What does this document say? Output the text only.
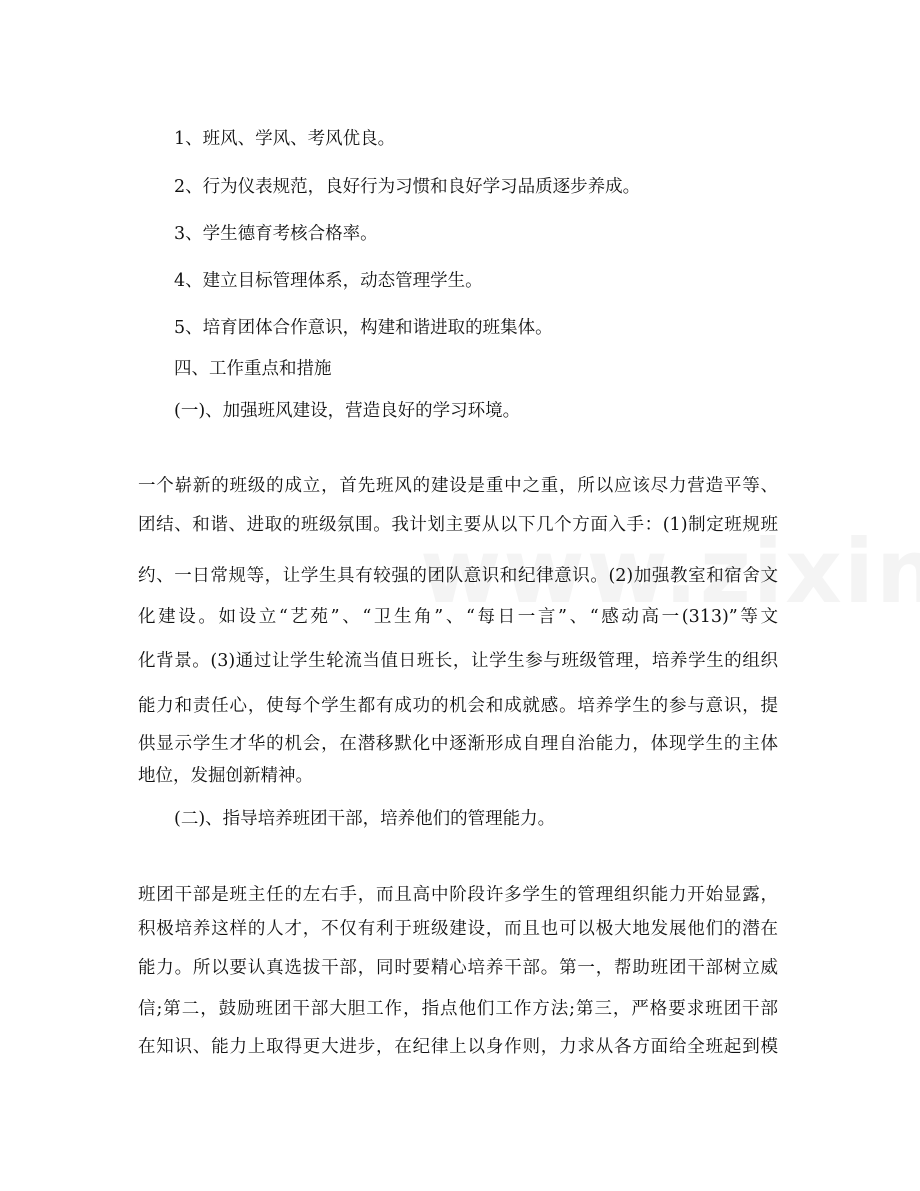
1、班风、学风、考风优良。

2、行为仪表规范，良好行为习惯和良好学习品质逐步养成。

3、学生德育考核合格率。

4、建立目标管理体系，动态管理学生。

5、培育团体合作意识，构建和谐进取的班集体。

四、工作重点和措施

(一)、加强班风建设，营造良好的学习环境。

一个崭新的班级的成立，首先班风的建设是重中之重，所以应该尽力营造平等、

团结、和谐、进取的班级氛围。我计划主要从以下几个方面入手：(1)制定班规班

约、一日常规等，让学生具有较强的团队意识和纪律意识。(2)加强教室和宿舍文

化建设。如设立“艺苑”、“卫生角”、“每日一言”、“感动高一(313)”等文

化背景。(3)通过让学生轮流当值日班长，让学生参与班级管理，培养学生的组织

能力和责任心，使每个学生都有成功的机会和成就感。培养学生的参与意识，提

供显示学生才华的机会，在潜移默化中逐渐形成自理自治能力，体现学生的主体

地位，发掘创新精神。

(二)、指导培养班团干部，培养他们的管理能力。

班团干部是班主任的左右手，而且高中阶段许多学生的管理组织能力开始显露，

积极培养这样的人才，不仅有利于班级建设，而且也可以极大地发展他们的潜在

能力。所以要认真选拔干部，同时要精心培养干部。第一，帮助班团干部树立威

信;第二，鼓励班团干部大胆工作，指点他们工作方法;第三，严格要求班团干部

在知识、能力上取得更大进步，在纪律上以身作则，力求从各方面给全班起到模
